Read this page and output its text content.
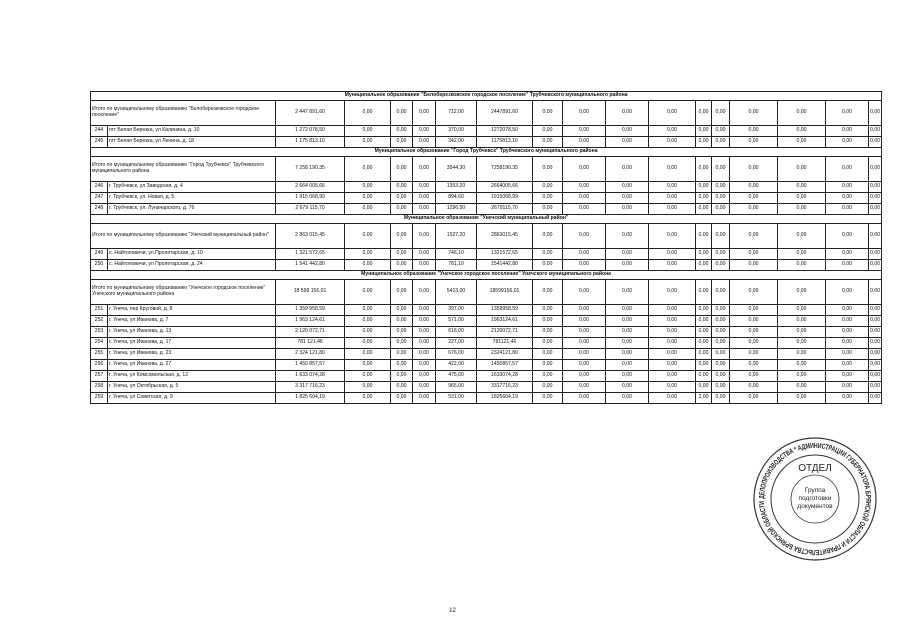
Муниципальное образование "Белоберезковское городское поселение" Трубчевского муниципального района																	
Итого по муниципальному образованию "Белоберезковское городское поселение"		2 447 891,60	0,00	0,00	0,00	712,00	2447891,60	0,00	0,00	0,00	0,00	0,00	0,00	0,00	0,00	0,00	0,00
244	пгт Белая Березка, ул Калинина, д. 10	1 272 078,50	0,00	0,00	0,00	370,00	1272078,50	0,00	0,00	0,00	0,00	0,00	0,00	0,00	0,00	0,00	0,00
245	пгт Белая Березка, ул Ленина, д. 18	1 175 813,10	0,00	0,00	0,00	342,00	1175813,10	0,00	0,00	0,00	0,00	0,00	0,00	0,00	0,00	0,00	0,00
Муниципальное образование "Город Трубчевск" Трубчевского муниципального района																	
Итого по муниципальному образованию "Город Трубчевск" Трубчевского муниципального района		7 258 190,35	0,00	0,00	0,00	3544,30	7258190,35	0,00	0,00	0,00	0,00	0,00	0,00	0,00	0,00	0,00	0,00
246	г. Трубчевск, ул Заводская, д. 4	2 664 005,66	0,00	0,00	0,00	1353,20	2664005,66	0,00	0,00	0,00	0,00	0,00	0,00	0,00	0,00	0,00	0,00
247	г. Трубчевск, ул. Новая, д. 5	1 915 068,99	0,00	0,00	0,00	894,60	1915068,99	0,00	0,00	0,00	0,00	0,00	0,00	0,00	0,00	0,00	0,00
248	г. Трубчевск, ул. Луначарского, д. 76	2 679 115,70	0,00	0,00	0,00	1296,50	2679115,70	0,00	0,00	0,00	0,00	0,00	0,00	0,00	0,00	0,00	0,00
Муниципальное образование "Унечский муниципальный район"																	
Итого по муниципальному образованию "Унечский муниципальный район"		2 863 015,45	0,00	0,00	0,00	1527,20	2863015,45	0,00	0,00	0,00	0,00	0,00	0,00	0,00	0,00	0,00	0,00
249	с. Найтоповичи, ул.Пролетарская, д. 10	1 321 572,65	0,00	0,00	0,00	746,10	1321572,65	0,00	0,00	0,00	0,00	0,00	0,00	0,00	0,00	0,00	0,00
250	с. Найтоповичи, ул Пролетарская, д. 24	1 541 442,80	0,00	0,00	0,00	781,10	1541442,80	0,00	0,00	0,00	0,00	0,00	0,00	0,00	0,00	0,00	0,00
Муниципальное образование "Унечское городское поселение" Унечского муниципального района																	
Итого по муниципальному образованию "Унечское городское поселение" Унечского муниципального района		18 599 156,01	0,00	0,00	0,00	5413,00	18599156,01	0,00	0,00	0,00	0,00	0,00	0,00	0,00	0,00	0,00	0,00
251	г. Унеча, пер Круговой, д. 8	1 359 958,59	0,00	0,00	0,00	397,00	1359958,59	0,00	0,00	0,00	0,00	0,00	0,00	0,00	0,00	0,00	0,00
252	г. Унеча, ул Иванова, д. 7	1 963 124,61	0,00	0,00	0,00	571,00	1963124,61	0,00	0,00	0,00	0,00	0,00	0,00	0,00	0,00	0,00	0,00
253	г. Унеча, ул Иванова, д. 13	2 120 072,71	0,00	0,00	0,00	618,00	2120072,71	0,00	0,00	0,00	0,00	0,00	0,00	0,00	0,00	0,00	0,00
254	г. Унеча, ул Иванова, д. 17	781 121,46	0,00	0,00	0,00	227,00	781121,46	0,00	0,00	0,00	0,00	0,00	0,00	0,00	0,00	0,00	0,00
255	г. Унеча, ул Иванова, д. 23	2 324 121,80	0,00	0,00	0,00	676,00	2324121,80	0,00	0,00	0,00	0,00	0,00	0,00	0,00	0,00	0,00	0,00
256	г. Унеча, ул Иванова, д. 27	1 450 857,57	0,00	0,00	0,00	422,00	1450857,57	0,00	0,00	0,00	0,00	0,00	0,00	0,00	0,00	0,00	0,00
257	г. Унеча, ул Комсомольская, д. 12	1 633 074,28	0,00	0,00	0,00	475,00	1633074,28	0,00	0,00	0,00	0,00	0,00	0,00	0,00	0,00	0,00	0,00
258	г. Унеча, ул Октябрьская, д. 5	3 317 716,23	0,00	0,00	0,00	965,00	3317716,23	0,00	0,00	0,00	0,00	0,00	0,00	0,00	0,00	0,00	0,00
259	г. Унеча, ул Советская, д. 9	1 825 604,19	0,00	0,00	0,00	531,00	1825604,19	0,00	0,00	0,00	0,00	2,00	0,00	0,00	0,00	0,00	0,00
12
ДЕЛОПРОИЗВОДСТВА * АДМИНИСТРАЦИИ ГУБЕРНАТОРА БРЯНСКОЙ ОБЛАСТИ И ПРАВИТЕЛЬСТВА БРЯНСКОЙ ОБЛАСТИ
ОТДЕЛ
Группа
подготовки
документов
